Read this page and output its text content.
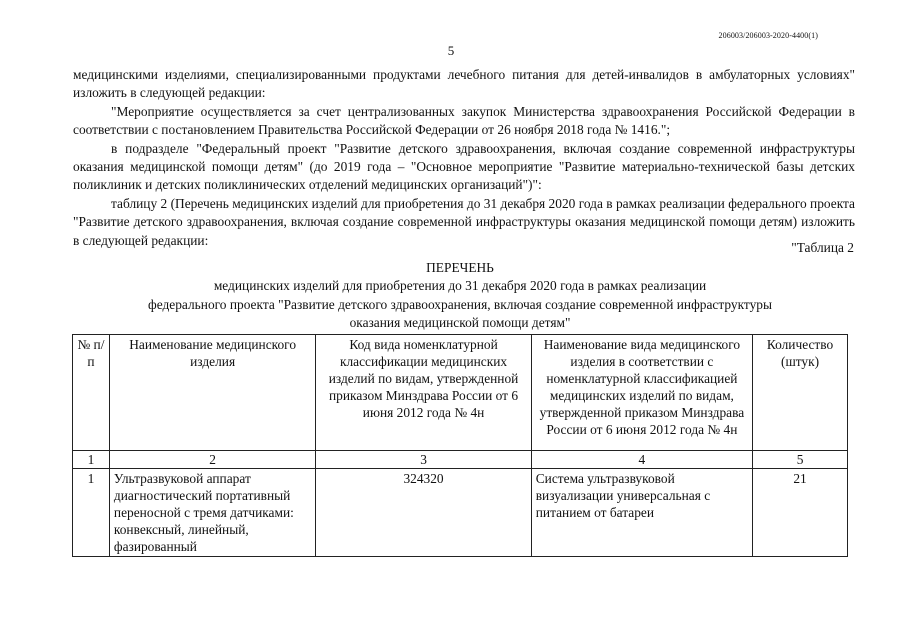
206003/206003-2020-4400(1)
5

медицинскими изделиями, специализированными продуктами лечебного питания для детей-инвалидов в амбулаторных условиях" изложить в следующей редакции:

"Мероприятие осуществляется за счет централизованных закупок Министерства здравоохранения Российской Федерации в соответствии с постановлением Правительства Российской Федерации от 26 ноября 2018 года № 1416.";

в подразделе "Федеральный проект "Развитие детского здравоохранения, включая создание современной инфраструктуры оказания медицинской помощи детям" (до 2019 года – "Основное мероприятие "Развитие материально-технической базы детских поликлиник и детских поликлинических отделений медицинских организаций")":

таблицу 2 (Перечень медицинских изделий для приобретения до 31 декабря 2020 года в рамках реализации федерального проекта "Развитие детского здравоохранения, включая создание современной инфраструктуры оказания медицинской помощи детям) изложить в следующей редакции:	"Таблица 2
ПЕРЕЧЕНЬ
медицинских изделий для приобретения до 31 декабря 2020 года в рамках реализации
федерального проекта "Развитие детского здравоохранения, включая создание современной инфраструктуры
оказания медицинской помощи детям"
№ п/п	Наименование медицинского изделия	Код вида номенклатурной классификации медицинских изделий по видам, утвержденной приказом Минздрава России от 6 июня 2012 года № 4н	Наименование вида медицинского изделия в соответствии с номенклатурной классификацией медицинских изделий по видам, утвержденной приказом Минздрава России от 6 июня 2012 года № 4н	Количество (штук)
1	2	3	4	5
1	Ультразвуковой аппарат диагностический портативный переносной с тремя датчиками: конвексный, линейный, фазированный	324320	Система ультразвуковой визуализации универсальная с питанием от батареи	21
